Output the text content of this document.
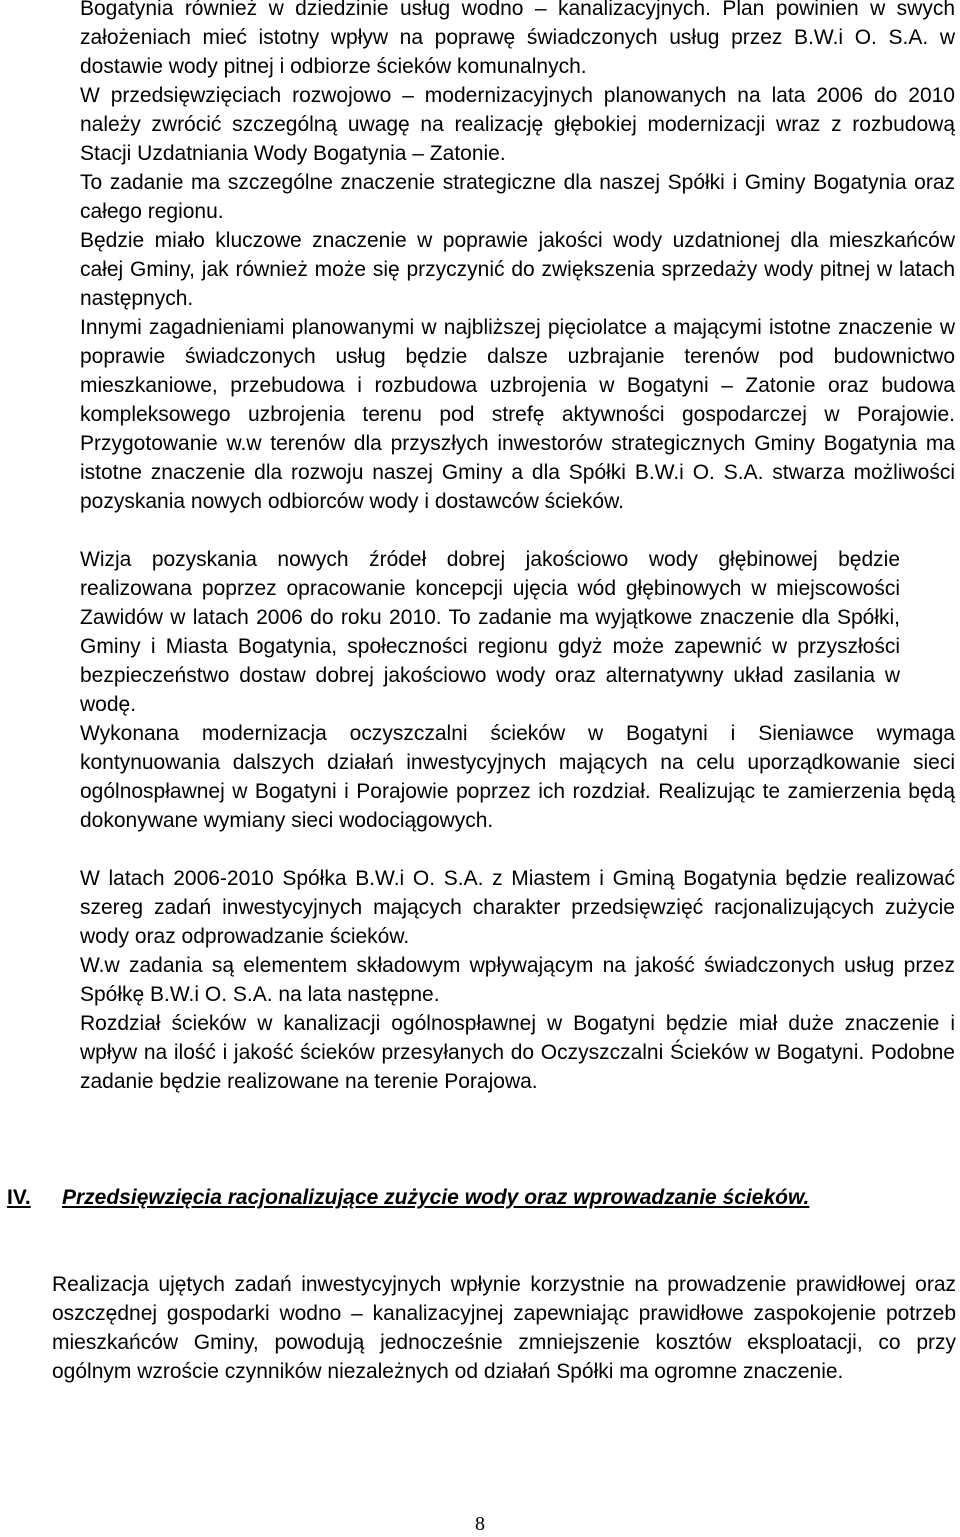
Bogatynia również w dziedzinie usług wodno – kanalizacyjnych. Plan powinien w swych założeniach mieć istotny wpływ na poprawę świadczonych usług przez B.W.i O. S.A. w dostawie wody pitnej i odbiorze ścieków komunalnych.

W przedsięwzięciach rozwojowo – modernizacyjnych planowanych na lata 2006 do 2010 należy zwrócić szczególną uwagę na realizację głębokiej modernizacji wraz z rozbudową Stacji Uzdatniania Wody Bogatynia – Zatonie.

To zadanie ma szczególne znaczenie strategiczne dla naszej Spółki i Gminy Bogatynia oraz całego regionu.

Będzie miało kluczowe znaczenie w poprawie jakości wody uzdatnionej dla mieszkańców całej Gminy, jak również może się przyczynić do zwiększenia sprzedaży wody pitnej w latach następnych.

Innymi zagadnieniami planowanymi w najbliższej pięciolatce a mającymi istotne znaczenie w poprawie świadczonych usług będzie dalsze uzbrajanie terenów pod budownictwo mieszkaniowe, przebudowa i rozbudowa uzbrojenia w Bogatyni – Zatonie oraz budowa kompleksowego uzbrojenia terenu pod strefę aktywności gospodarczej w Porajowie. Przygotowanie w.w terenów dla przyszłych inwestorów strategicznych Gminy Bogatynia ma istotne znaczenie dla rozwoju naszej Gminy a dla Spółki B.W.i O. S.A. stwarza możliwości pozyskania nowych odbiorców wody i dostawców ścieków.

Wizja pozyskania nowych źródeł dobrej jakościowo wody głębinowej będzie realizowana poprzez opracowanie koncepcji ujęcia wód głębinowych w miejscowości Zawidów w latach 2006 do roku 2010. To zadanie ma wyjątkowe znaczenie dla Spółki, Gminy i Miasta Bogatynia, społeczności regionu gdyż może zapewnić w przyszłości bezpieczeństwo dostaw dobrej jakościowo wody oraz alternatywny układ zasilania w wodę.

Wykonana modernizacja oczyszczalni ścieków w Bogatyni i Sieniawce wymaga kontynuowania dalszych działań inwestycyjnych mających na celu uporządkowanie sieci ogólnospławnej w Bogatyni i Porajowie poprzez ich rozdział. Realizując te zamierzenia będą dokonywane wymiany sieci wodociągowych.

W latach 2006-2010 Spółka B.W.i O. S.A. z Miastem i Gminą Bogatynia będzie realizować szereg zadań inwestycyjnych mających charakter przedsięwzięć racjonalizujących zużycie wody oraz odprowadzanie ścieków.

W.w zadania są elementem składowym wpływającym na jakość świadczonych usług przez Spółkę B.W.i O. S.A. na lata następne.

Rozdział ścieków w kanalizacji ogólnospławnej w Bogatyni będzie miał duże znaczenie i wpływ na ilość i jakość ścieków przesyłanych do Oczyszczalni Ścieków w Bogatyni. Podobne zadanie będzie realizowane na terenie Porajowa.

IV. Przedsięwzięcia racjonalizujące zużycie wody oraz wprowadzanie ścieków.

Realizacja ujętych zadań inwestycyjnych wpłynie korzystnie na prowadzenie prawidłowej oraz oszczędnej gospodarki wodno – kanalizacyjnej zapewniając prawidłowe zaspokojenie potrzeb mieszkańców Gminy, powodują jednocześnie zmniejszenie kosztów eksploatacji, co przy ogólnym wzroście czynników niezależnych od działań Spółki ma ogromne znaczenie.

8
